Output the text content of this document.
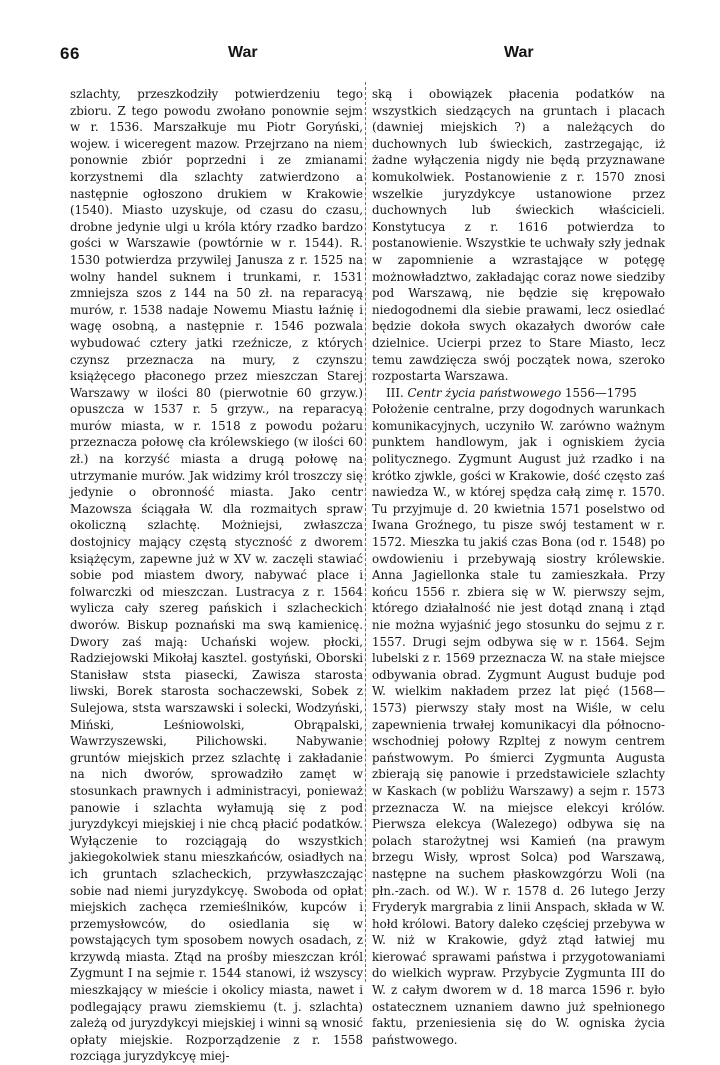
66	War	War

szlachty, przeszkodziły potwierdzeniu tego zbioru. Z tego powodu zwołano ponownie sejm w r. 1536. Marszałkuje mu Piotr Goryński, wojew. i wiceregent mazow. Przejrzano na niem ponownie zbiór poprzedni i ze zmianami korzystnemi dla szlachty zatwierdzono a następnie ogłoszono drukiem w Krakowie (1540). Miasto uzyskuje, od czasu do czasu, drobne jedynie ulgi u króla który rzadko bardzo gości w Warszawie (powtórnie w r. 1544). R. 1530 potwierdza przywilej Janusza z r. 1525 na wolny handel suknem i trunkami, r. 1531 zmniejsza szos z 144 na 50 zł. na reparacyą murów, r. 1538 nadaje Nowemu Miastu łaźnię i wagę osobną, a następnie r. 1546 pozwala wybudować cztery jatki rzeźnicze, z których czynsz przeznacza na mury, z czynszu książęcego płaconego przez mieszczan Starej Warszawy w ilości 80 (pierwotnie 60 grzyw.) opuszcza w 1537 r. 5 grzyw., na reparacyą murów miasta, w r. 1518 z powodu pożaru przeznacza połowę cła królewskiego (w ilości 60 zł.) na korzyść miasta a drugą połowę na utrzymanie murów. Jak widzimy król troszczy się jedynie o obronność miasta. Jako centr Mazowsza ściągała W. dla rozmaitych spraw okoliczną szlachtę. Możniejsi, zwłaszcza dostojnicy mający częstą styczność z dworem książęcym, zapewne już w XV w. zaczęli stawiać sobie pod miastem dwory, nabywać place i folwarczki od mieszczan. Lustracya z r. 1564 wylicza cały szereg pańskich i szlacheckich dworów. Biskup poznański ma swą kamienicę. Dwory zaś mają: Uchański wojew. płocki, Radziejowski Mikołaj kasztel. gostyński, Oborski Stanisław ststa piasecki, Zawisza starosta liwski, Borek starosta sochaczewski, Sobek z Sulejowa, ststa warszawski i solecki, Wodzyński, Miński, Leśniowolski, Obrąpalski, Wawrzyszewski, Pilichowski. Nabywanie gruntów miejskich przez szlachtę i zakładanie na nich dworów, sprowadziło zamęt w stosunkach prawnych i administracyi, ponieważ panowie i szlachta wyłamują się z pod juryzdykcyi miejskiej i nie chcą płacić podatków. Wyłączenie to rozciągają do wszystkich jakiegokolwiek stanu mieszkańców, osiadłych na ich gruntach szlacheckich, przywłaszczając sobie nad niemi juryzdykcyę. Swoboda od opłat miejskich zachęca rzemieślników, kupców i przemysłowców, do osiedlania się w powstających tym sposobem nowych osadach, z krzywdą miasta. Ztąd na prośby mieszczan król Zygmunt I na sejmie r. 1544 stanowi, iż wszyscy mieszkający w mieście i okolicy miasta, nawet i podlegający prawu ziemskiemu (t. j. szlachta) zależą od juryzdykcyi miejskiej i winni są wnosić opłaty miejskie. Rozporządzenie z r. 1558 rozciąga juryzdykcyę miej-

ską i obowiązek płacenia podatków na wszystkich siedzących na gruntach i placach (dawniej miejskich ?) a należących do duchownych lub świeckich, zastrzegając, iż żadne wyłączenia nigdy nie będą przyznawane komukolwiek. Postanowienie z r. 1570 znosi wszelkie juryzdykcye ustanowione przez duchownych lub świeckich właścicieli. Konstytucya z r. 1616 potwierdza to postanowienie. Wszystkie te uchwały szły jednak w zapomnienie a wzrastające w potęgę możnowładztwo, zakładając coraz nowe siedziby pod Warszawą, nie będzie się krępowało niedogodnemi dla siebie prawami, lecz osiedlać będzie dokoła swych okazałych dworów całe dzielnice. Ucierpi przez to Stare Miasto, lecz temu zawdzięcza swój początek nowa, szeroko rozpostarta Warszawa.

III. Centr życia państwowego 1556—1795

Położenie centralne, przy dogodnych warunkach komunikacyjnych, uczyniło W. zarówno ważnym punktem handlowym, jak i ogniskiem życia politycznego. Zygmunt August już rzadko i na krótko zjwkle, gości w Krakowie, dość często zaś nawiedza W., w której spędza całą zimę r. 1570. Tu przyjmuje d. 20 kwietnia 1571 poselstwo od Iwana Groźnego, tu pisze swój testament w r. 1572. Mieszka tu jakiś czas Bona (od r. 1548) po owdowieniu i przebywają siostry królewskie. Anna Jagiellonka stale tu zamieszkała. Przy końcu 1556 r. zbiera się w W. pierwszy sejm, którego działalność nie jest dotąd znaną i ztąd nie można wyjaśnić jego stosunku do sejmu z r. 1557. Drugi sejm odbywa się w r. 1564. Sejm lubelski z r. 1569 przeznacza W. na stałe miejsce odbywania obrad. Zygmunt August buduje pod W. wielkim nakładem przez lat pięć (1568—1573) pierwszy stały most na Wiśle, w celu zapewnienia trwałej komunikacyi dla północno-wschodniej połowy Rzpltej z nowym centrem państwowym. Po śmierci Zygmunta Augusta zbierają się panowie i przedstawiciele szlachty w Kaskach (w pobliżu Warszawy) a sejm r. 1573 przeznacza W. na miejsce elekcyi królów. Pierwsza elekcya (Walezego) odbywa się na polach starożytnej wsi Kamień (na prawym brzegu Wisły, wprost Solca) pod Warszawą, następne na suchem płaskowzgórzu Woli (na płn.-zach. od W.). W r. 1578 d. 26 lutego Jerzy Fryderyk margrabia z linii Anspach, składa w W. hołd królowi. Batory daleko częściej przebywa w W. niż w Krakowie, gdyż ztąd łatwiej mu kierować sprawami państwa i przygotowaniami do wielkich wypraw. Przybycie Zygmunta III do W. z całym dworem w d. 18 marca 1596 r. było ostatecznem uznaniem dawno już spełnionego faktu, przeniesienia się do W. ogniska życia państwowego.
